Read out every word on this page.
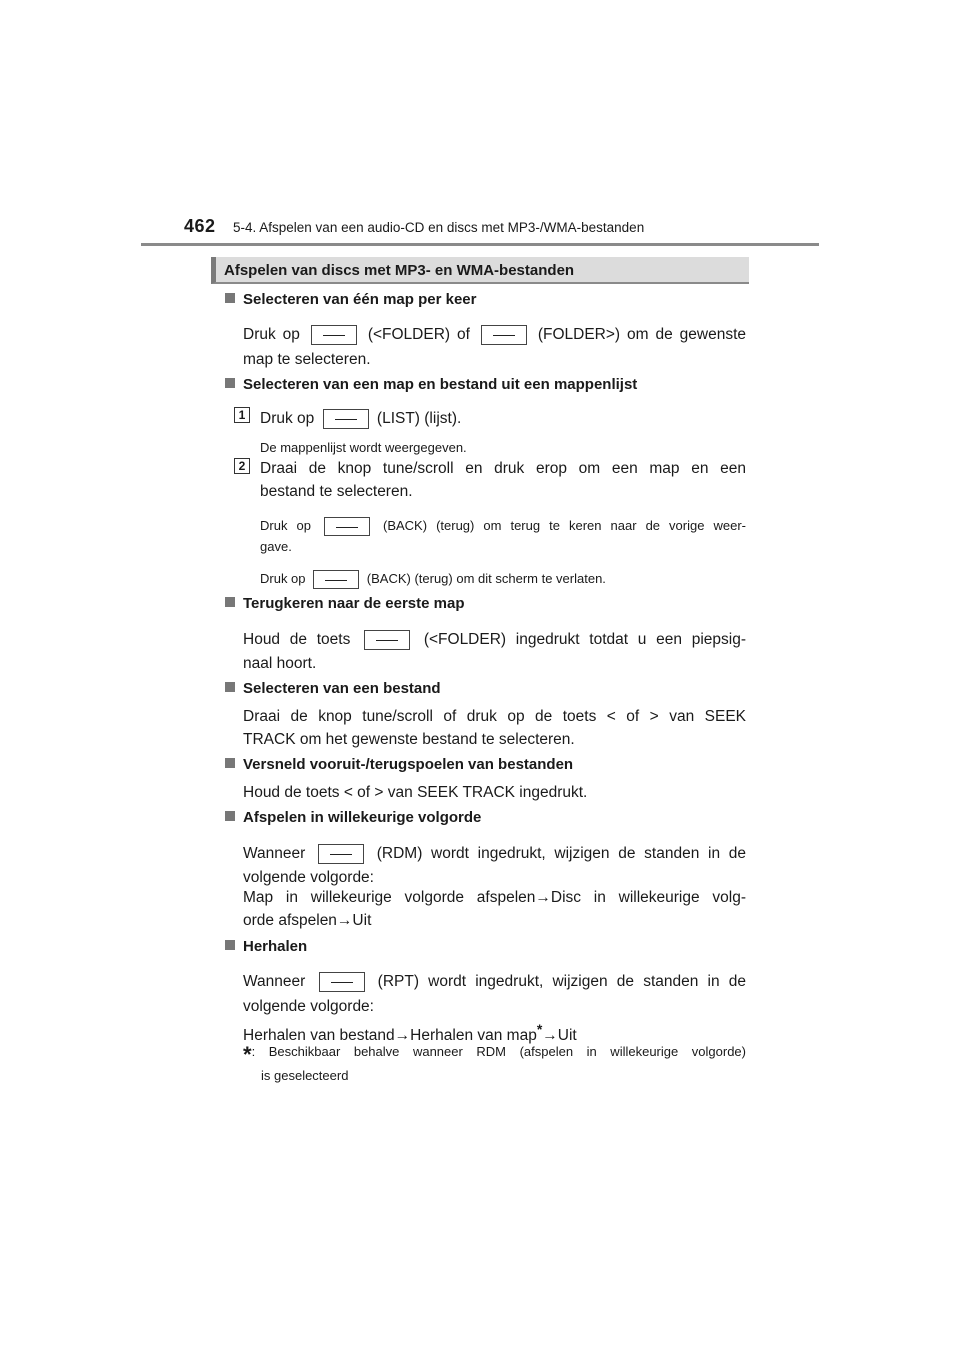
462 5-4. Afspelen van een audio-CD en discs met MP3-/WMA-bestanden
Afspelen van discs met MP3- en WMA-bestanden
Selecteren van één map per keer
Druk op	(<FOLDER) of	(FOLDER>) om de gewenste
map te selecteren.
Selecteren van een map en bestand uit een mappenlijst
1 Druk op	(LIST) (lijst).
De mappenlijst wordt weergegeven.
2 Draai de knop tune/scroll en druk erop om een map en een
bestand te selecteren.
Druk op	(BACK) (terug) om terug te keren naar de vorige weer-
gave.
Druk op	(BACK) (terug) om dit scherm te verlaten.
Terugkeren naar de eerste map
Houd de toets	(<FOLDER) ingedrukt totdat u een piepsig-
naal hoort.
Selecteren van een bestand
Draai de knop tune/scroll of druk op de toets < of > van SEEK
TRACK om het gewenste bestand te selecteren.
Versneld vooruit-/terugspoelen van bestanden
Houd de toets < of > van SEEK TRACK ingedrukt.
Afspelen in willekeurige volgorde
Wanneer	(RDM) wordt ingedrukt, wijzigen de standen in de
volgende volgorde:
Map in willekeurige volgorde afspelen→Disc in willekeurige volg-
orde afspelen→Uit
Herhalen
Wanneer	(RPT) wordt ingedrukt, wijzigen de standen in de
volgende volgorde:
Herhalen van bestand→Herhalen van map*→Uit
*: Beschikbaar behalve wanneer RDM (afspelen in willekeurige volgorde)
is geselecteerd
